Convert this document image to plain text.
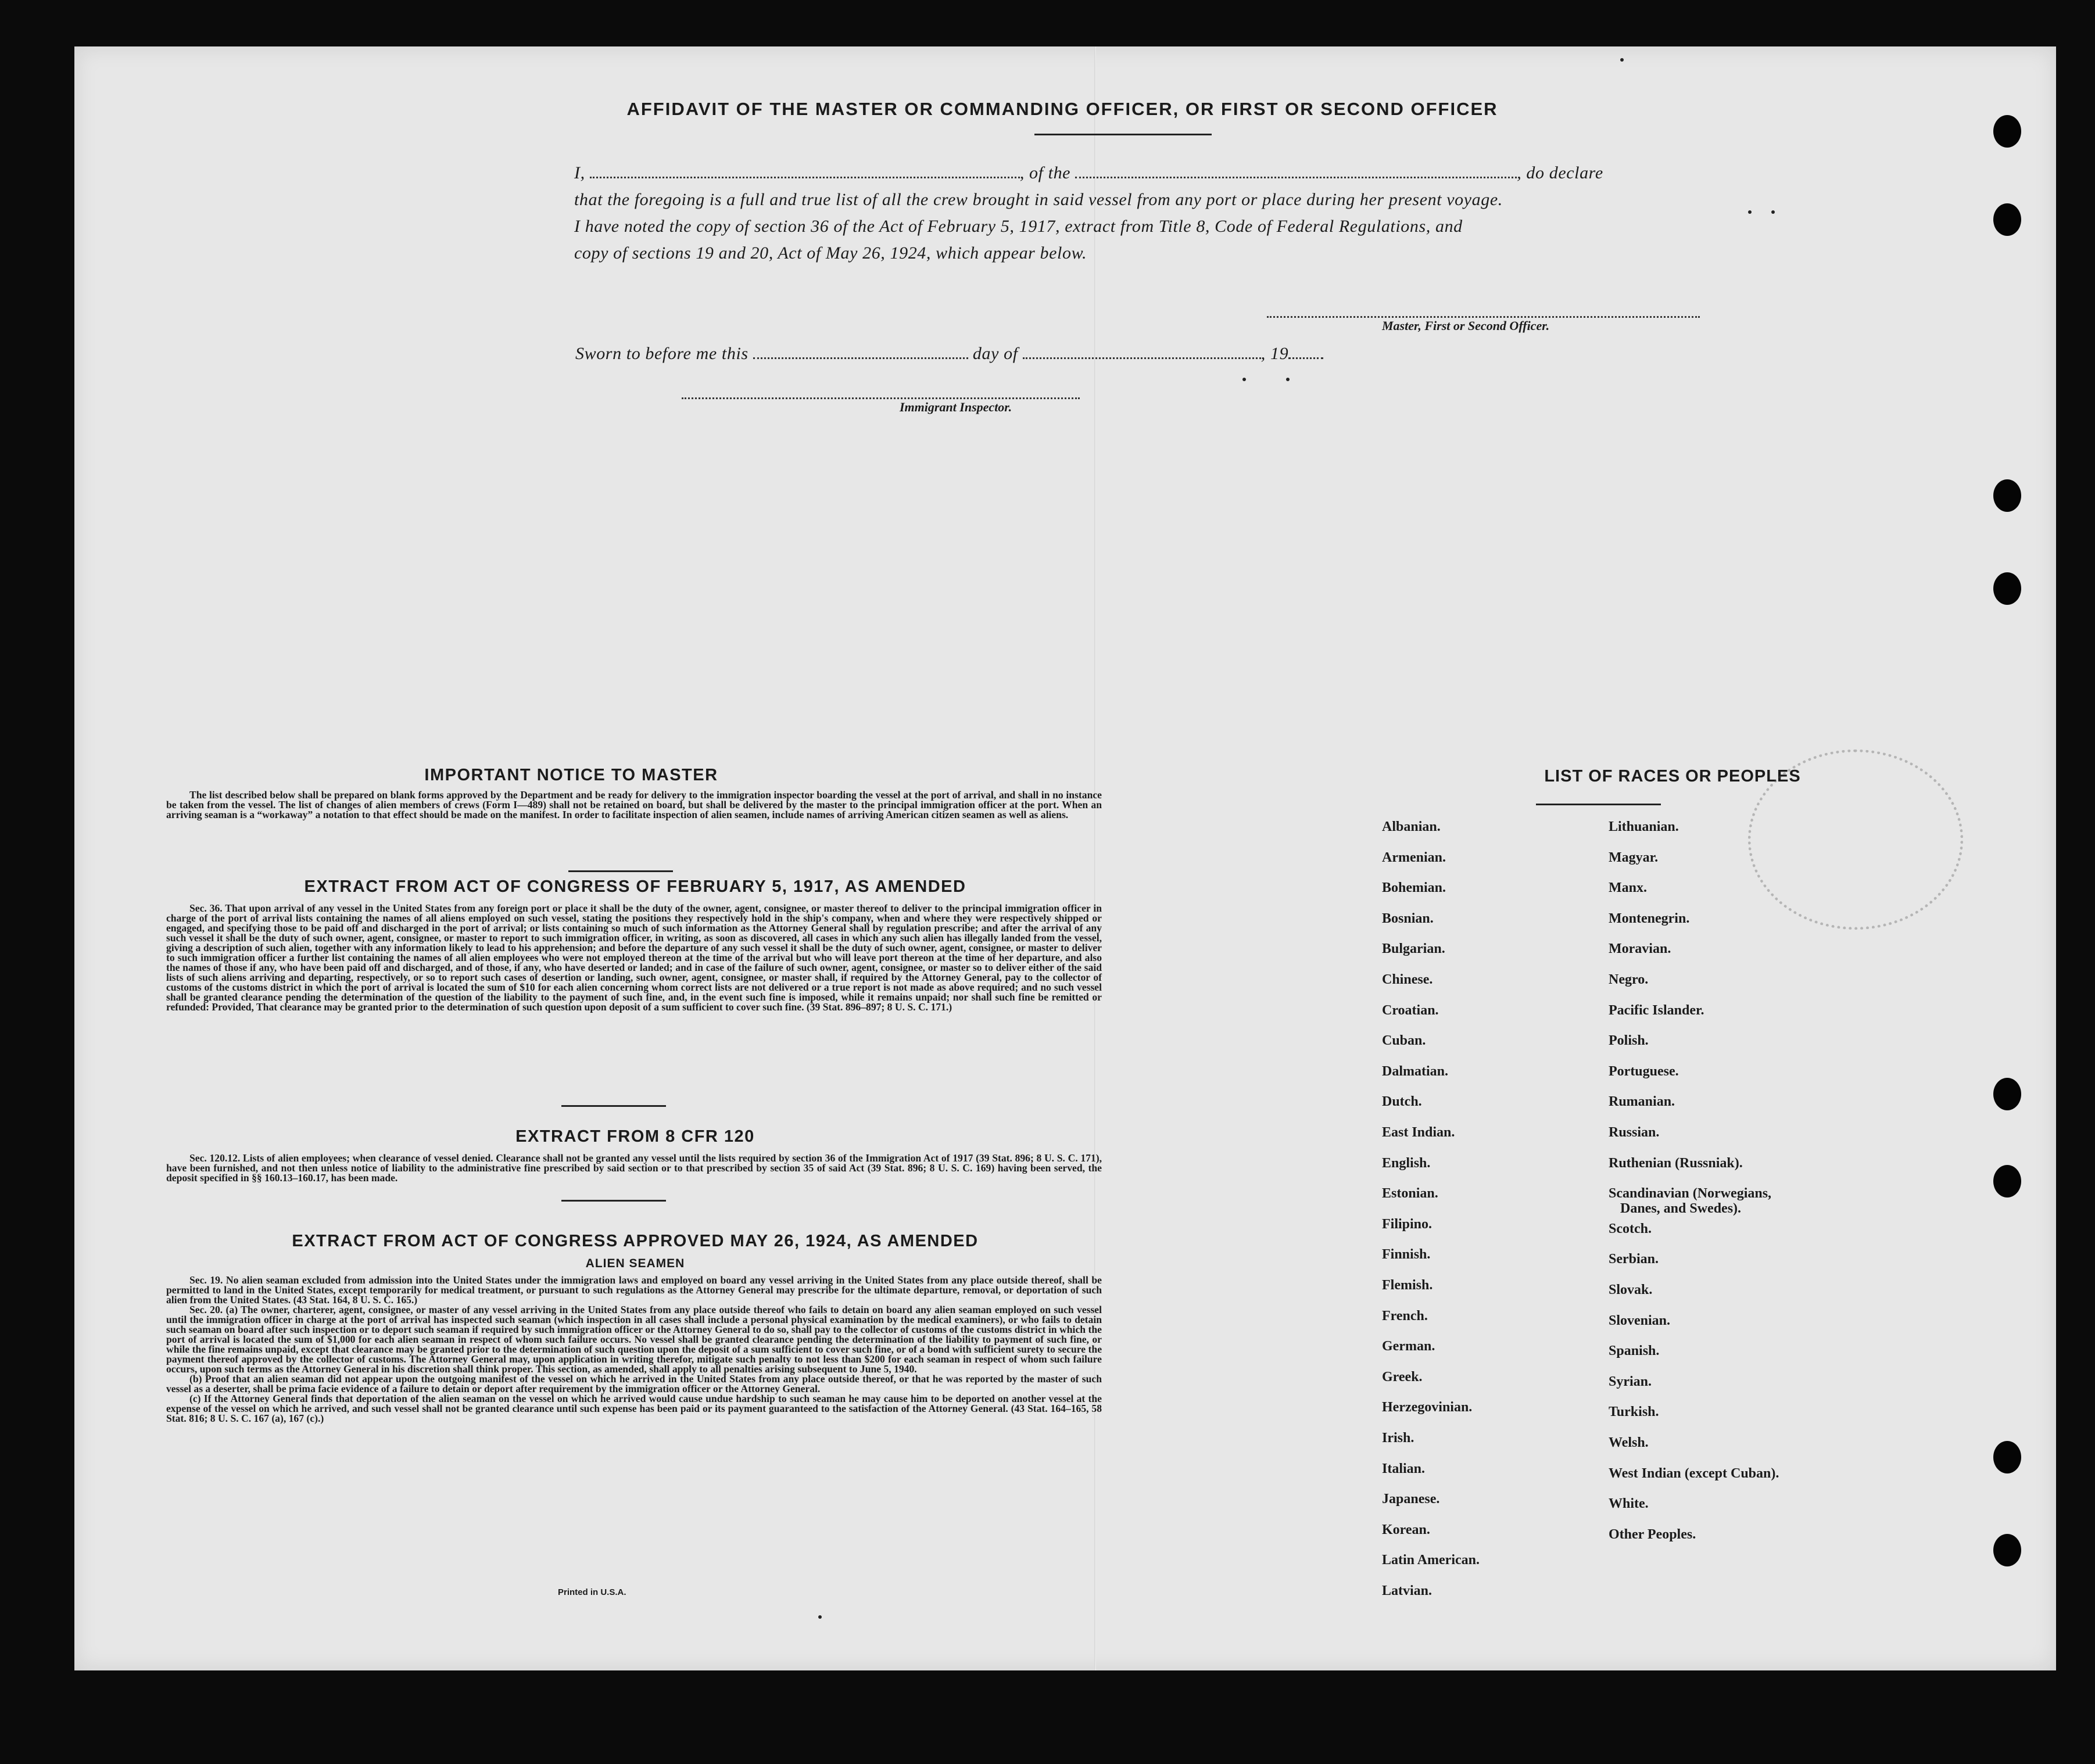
AFFIDAVIT OF THE MASTER OR COMMANDING OFFICER, OR FIRST OR SECOND OFFICER
I,	, of the	, do declare
that the foregoing is a full and true list of all the crew brought in said vessel from any port or place during her present voyage.
I have noted the copy of section 36 of the Act of February 5, 1917, extract from Title 8, Code of Federal Regulations, and
copy of sections 19 and 20, Act of May 26, 1924, which appear below.
Master, First or Second Officer.
Sworn to before me this	day of	, 19
Immigrant Inspector.
IMPORTANT NOTICE TO MASTER
The list described below shall be prepared on blank forms approved by the Department and be ready for delivery to the immigration inspector boarding the vessel at the port of arrival, and shall in no instance be taken from the vessel. The list of changes of alien members of crews (Form I—489) shall not be retained on board, but shall be delivered by the master to the principal immigration officer at the port. When an arriving seaman is a “workaway” a notation to that effect should be made on the manifest. In order to facilitate inspection of alien seamen, include names of arriving American citizen seamen as well as aliens.
EXTRACT FROM ACT OF CONGRESS OF FEBRUARY 5, 1917, AS AMENDED
Sec. 36. That upon arrival of any vessel in the United States from any foreign port or place it shall be the duty of the owner, agent, consignee, or master thereof to deliver to the principal immigration officer in charge of the port of arrival lists containing the names of all aliens employed on such vessel, stating the positions they respectively hold in the ship's company, when and where they were respectively shipped or engaged, and specifying those to be paid off and discharged in the port of arrival; or lists containing so much of such information as the Attorney General shall by regulation prescribe; and after the arrival of any such vessel it shall be the duty of such owner, agent, consignee, or master to report to such immigration officer, in writing, as soon as discovered, all cases in which any such alien has illegally landed from the vessel, giving a description of such alien, together with any information likely to lead to his apprehension; and before the departure of any such vessel it shall be the duty of such owner, agent, consignee, or master to deliver to such immigration officer a further list containing the names of all alien employees who were not employed thereon at the time of the arrival but who will leave port thereon at the time of her departure, and also the names of those if any, who have been paid off and discharged, and of those, if any, who have deserted or landed; and in case of the failure of such owner, agent, consignee, or master so to deliver either of the said lists of such aliens arriving and departing, respectively, or so to report such cases of desertion or landing, such owner, agent, consignee, or master shall, if required by the Attorney General, pay to the collector of customs of the customs district in which the port of arrival is located the sum of $10 for each alien concerning whom correct lists are not delivered or a true report is not made as above required; and no such vessel shall be granted clearance pending the determination of the question of the liability to the payment of such fine, and, in the event such fine is imposed, while it remains unpaid; nor shall such fine be remitted or refunded: Provided, That clearance may be granted prior to the determination of such question upon deposit of a sum sufficient to cover such fine. (39 Stat. 896–897; 8 U. S. C. 171.)
EXTRACT FROM 8 CFR 120
Sec. 120.12. Lists of alien employees; when clearance of vessel denied. Clearance shall not be granted any vessel until the lists required by section 36 of the Immigration Act of 1917 (39 Stat. 896; 8 U. S. C. 171), have been furnished, and not then unless notice of liability to the administrative fine prescribed by said section or to that prescribed by section 35 of said Act (39 Stat. 896; 8 U. S. C. 169) having been served, the deposit specified in §§ 160.13–160.17, has been made.
EXTRACT FROM ACT OF CONGRESS APPROVED MAY 26, 1924, AS AMENDED
ALIEN SEAMEN
Sec. 19. No alien seaman excluded from admission into the United States under the immigration laws and employed on board any vessel arriving in the United States from any place outside thereof, shall be permitted to land in the United States, except temporarily for medical treatment, or pursuant to such regulations as the Attorney General may prescribe for the ultimate departure, removal, or deportation of such alien from the United States. (43 Stat. 164, 8 U. S. C. 165.)
Sec. 20. (a) The owner, charterer, agent, consignee, or master of any vessel arriving in the United States from any place outside thereof who fails to detain on board any alien seaman employed on such vessel until the immigration officer in charge at the port of arrival has inspected such seaman (which inspection in all cases shall include a personal physical examination by the medical examiners), or who fails to detain such seaman on board after such inspection or to deport such seaman if required by such immigration officer or the Attorney General to do so, shall pay to the collector of customs of the customs district in which the port of arrival is located the sum of $1,000 for each alien seaman in respect of whom such failure occurs. No vessel shall be granted clearance pending the determination of the liability to payment of such fine, or while the fine remains unpaid, except that clearance may be granted prior to the determination of such question upon the deposit of a sum sufficient to cover such fine, or of a bond with sufficient surety to secure the payment thereof approved by the collector of customs. The Attorney General may, upon application in writing therefor, mitigate such penalty to not less than $200 for each seaman in respect of whom such failure occurs, upon such terms as the Attorney General in his discretion shall think proper. This section, as amended, shall apply to all penalties arising subsequent to June 5, 1940.
(b) Proof that an alien seaman did not appear upon the outgoing manifest of the vessel on which he arrived in the United States from any place outside thereof, or that he was reported by the master of such vessel as a deserter, shall be prima facie evidence of a failure to detain or deport after requirement by the immigration officer or the Attorney General.
(c) If the Attorney General finds that deportation of the alien seaman on the vessel on which he arrived would cause undue hardship to such seaman he may cause him to be deported on another vessel at the expense of the vessel on which he arrived, and such vessel shall not be granted clearance until such expense has been paid or its payment guaranteed to the satisfaction of the Attorney General. (43 Stat. 164–165, 58 Stat. 816; 8 U. S. C. 167 (a), 167 (c).)
Printed in U.S.A.
LIST OF RACES OR PEOPLES
Albanian.
Armenian.
Bohemian.
Bosnian.
Bulgarian.
Chinese.
Croatian.
Cuban.
Dalmatian.
Dutch.
East Indian.
English.
Estonian.
Filipino.
Finnish.
Flemish.
French.
German.
Greek.
Herzegovinian.
Irish.
Italian.
Japanese.
Korean.
Latin American.
Latvian.
Lithuanian.
Magyar.
Manx.
Montenegrin.
Moravian.
Negro.
Pacific Islander.
Polish.
Portuguese.
Rumanian.
Russian.
Ruthenian (Russniak).
Scandinavian (Norwegians,
Danes, and Swedes).
Scotch.
Serbian.
Slovak.
Slovenian.
Spanish.
Syrian.
Turkish.
Welsh.
West Indian (except Cuban).
White.
Other Peoples.
